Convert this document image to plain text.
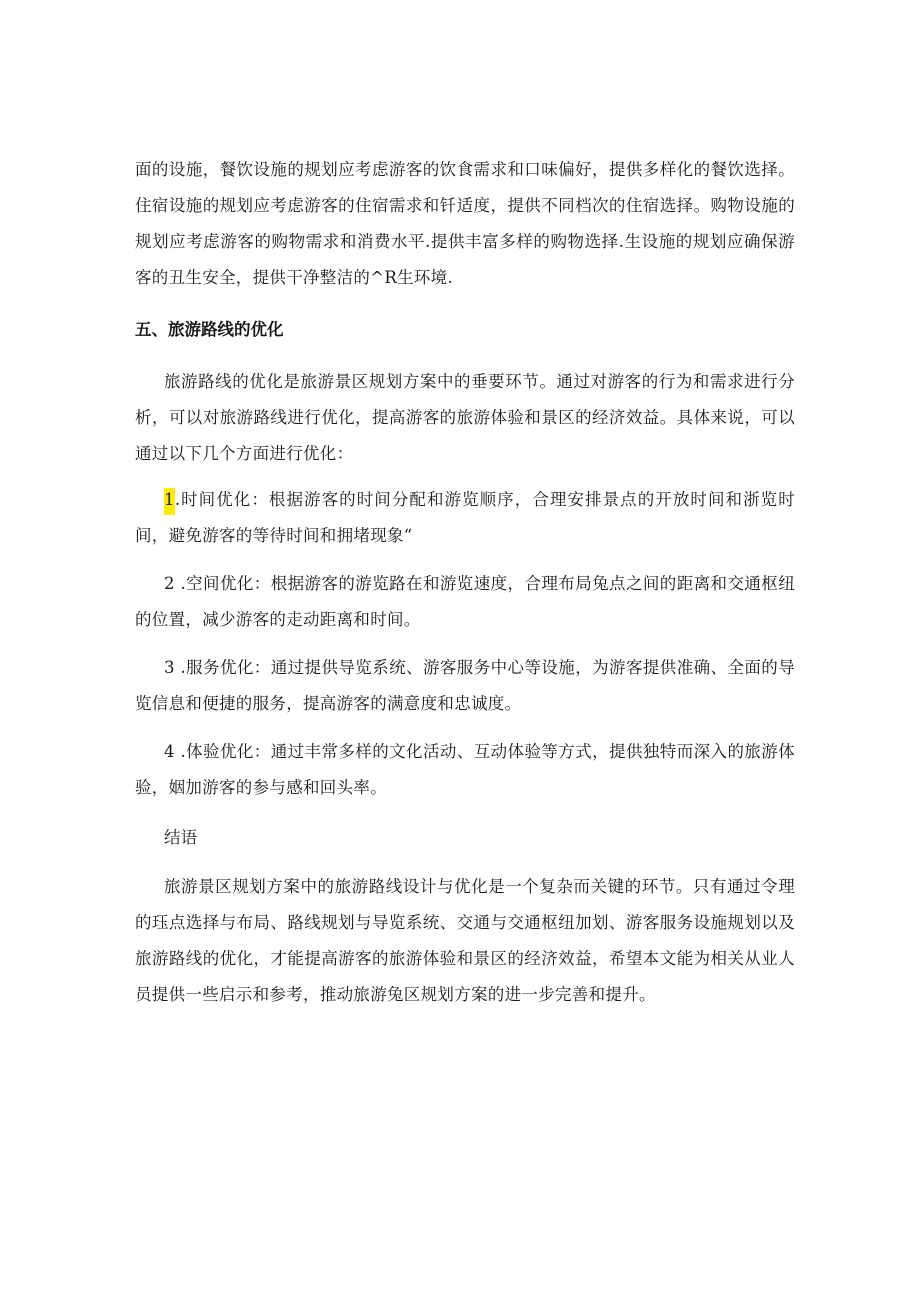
面的设施，餐饮设施的规划应考虑游客的饮食需求和口味偏好，提供多样化的餐饮选择。住宿设施的规划应考虑游客的住宿需求和钎适度，提供不同档次的住宿选择。购物设施的规划应考虑游客的购物需求和消费水平.提供丰富多样的购物选择.生设施的规划应确保游客的丑生安全，提供干净整洁的^R生环境.

五、旅游路线的优化

旅游路线的优化是旅游景区规划方案中的垂要环节。通过对游客的行为和需求进行分析，可以对旅游路线进行优化，提高游客的旅游体验和景区的经济效益。具体来说，可以通过以下几个方面进行优化：

1.时间优化：根据游客的时间分配和游览顺序，合理安排景点的开放时间和浙览时间，避免游客的等待时间和拥堵现象“

2 .空间优化：根据游客的游览路在和游览速度，合理布局兔点之间的距离和交通枢纽的位置，减少游客的走动距离和时间。

3 .服务优化：通过提供导览系统、游客服务中心等设施，为游客提供准确、全面的导览信息和便捷的服务，提高游客的满意度和忠诚度。

4 .体验优化：通过丰常多样的文化活动、互动体验等方式，提供独特而深入的旅游体验，姻加游客的参与感和回头率。

结语

旅游景区规划方案中的旅游路线设计与优化是一个复杂而关键的环节。只有通过令理的珏点选择与布局、路线规划与导览系统、交通与交通枢纽加划、游客服务设施规划以及旅游路线的优化，才能提高游客的旅游体验和景区的经济效益，希望本文能为相关从业人员提供一些启示和参考，推动旅游兔区规划方案的进一步完善和提升。
